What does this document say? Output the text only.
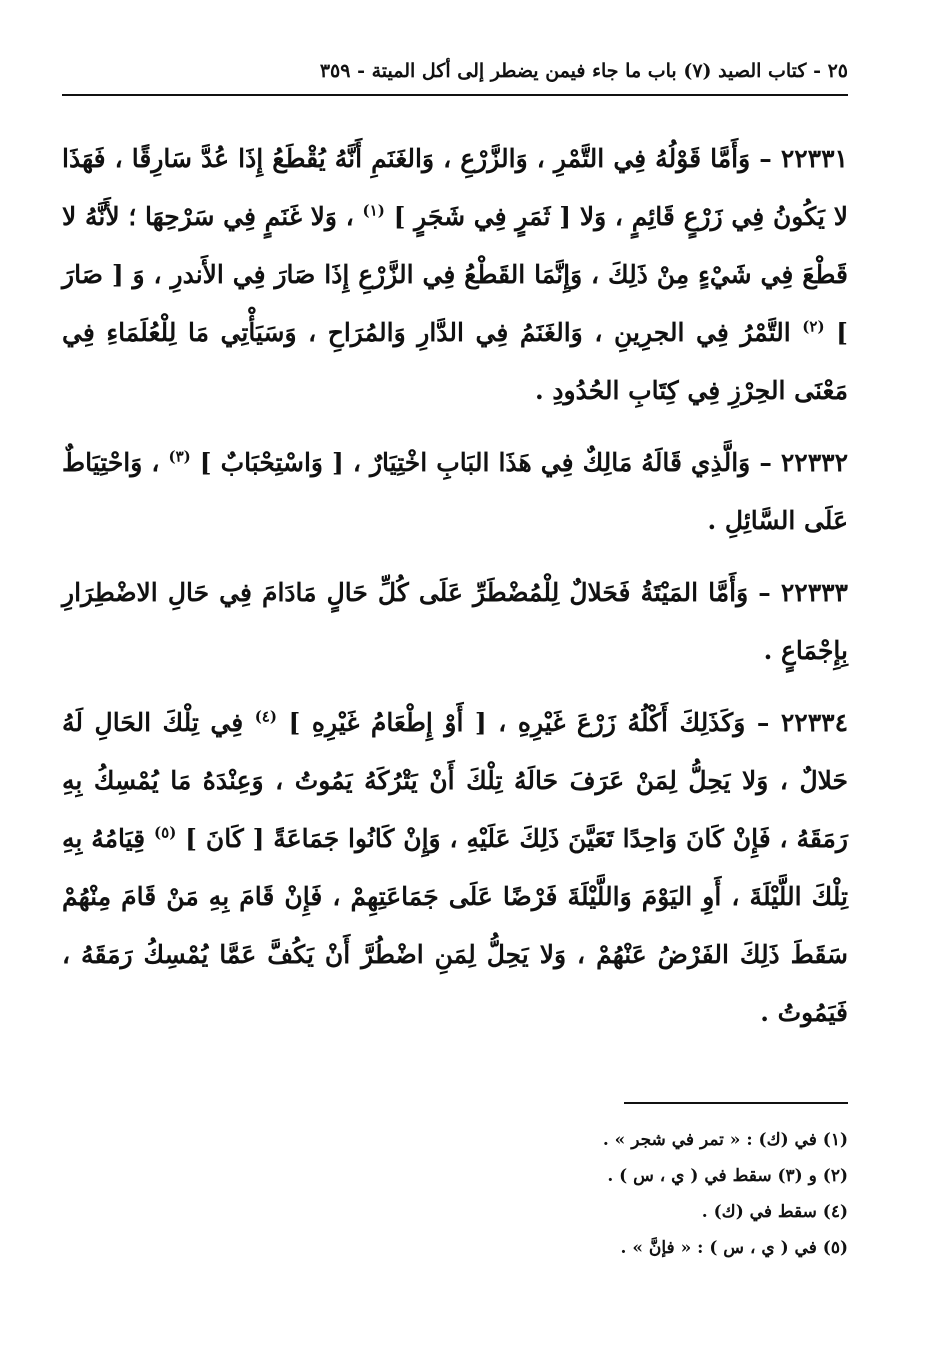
٢٥ - كتاب الصيد (٧) باب ما جاء فيمن يضطر إلى أكل الميتة - ٣٥٩

٢٢٣٣١ – وَأَمَّا قَوْلُهُ فِي التَّمْرِ ، وَالزَّرْعِ ، وَالغَنَمِ أَنَّهُ يُقْطَعُ إِذَا عُدَّ سَارِقًا ، فَهَذَا لا يَكُونُ فِي زَرْعٍ قَائِمٍ ، وَلا [ ثَمَرٍ فِي شَجَرٍ ] $^{(١)}$ ، وَلا غَنَمٍ فِي سَرْحِهَا ؛ لأَنَّهُ لا قَطْعَ فِي شَيْءٍ مِنْ ذَلِكَ ، وَإِنَّمَا القَطْعُ فِي الزَّرْعِ إِذَا صَارَ فِي الأَندرِ ، وَ [ صَارَ ] $^{(٢)}$ التَّمْرُ فِي الجرِينِ ، وَالغَنَمُ فِي الدَّارِ وَالمُرَاحِ ، وَسَيَأْتِي مَا لِلْعُلَمَاءِ فِي مَعْنَى الحِرْزِ فِي كِتَابِ الحُدُودِ .

٢٢٣٣٢ – وَالَّذِي قَالَهُ مَالِكٌ فِي هَذَا البَابِ اخْتِيَارٌ ، [ وَاسْتِحْبَابٌ ] $^{(٣)}$ ، وَاحْتِيَاطٌ عَلَى السَّائِلِ .

٢٢٣٣٣ – وَأَمَّا المَيْتَةُ فَحَلالٌ لِلْمُضْطَرِّ عَلَى كُلِّ حَالٍ مَادَامَ فِي حَالِ الاضْطِرَارِ بِإِجْمَاعٍ .

٢٢٣٣٤ – وَكَذَلِكَ أَكْلُهُ زَرْعَ غَيْرِهِ ، [ أَوْ إِطْعَامُ غَيْرِهِ ] $^{(٤)}$ فِي تِلْكَ الحَالِ لَهُ حَلالٌ ، وَلا يَحِلُّ لِمَنْ عَرَفَ حَالَهُ تِلْكَ أَنْ يَتْرُكَهُ يَمُوتُ ، وَعِنْدَهُ مَا يُمْسِكُ بِهِ رَمَقَهُ ، فَإِنْ كَانَ وَاحِدًا تَعَيَّنَ ذَلِكَ عَلَيْهِ ، وَإِنْ كَانُوا جَمَاعَةً [ كَانَ ] $^{(٥)}$ قِيَامُهُ بِهِ تِلْكَ اللَّيْلَةَ ، أَوِ اليَوْمَ وَاللَّيْلَةَ فَرْضًا عَلَى جَمَاعَتِهِمْ ، فَإِنْ قَامَ بِهِ مَنْ قَامَ مِنْهُمْ سَقَطَ ذَلِكَ الفَرْضُ عَنْهُمْ ، وَلا يَحِلُّ لِمَنِ اضْطُرَّ أَنْ يَكُفَّ عَمَّا يُمْسِكُ رَمَقَهُ ، فَيَمُوتُ .

(١) في (ك) : « تمر في شجر » .

(٢) و (٣) سقط في ( ي ، س ) .

(٤) سقط في (ك) .

(٥) في ( ي ، س ) : « فإنَّ » .
